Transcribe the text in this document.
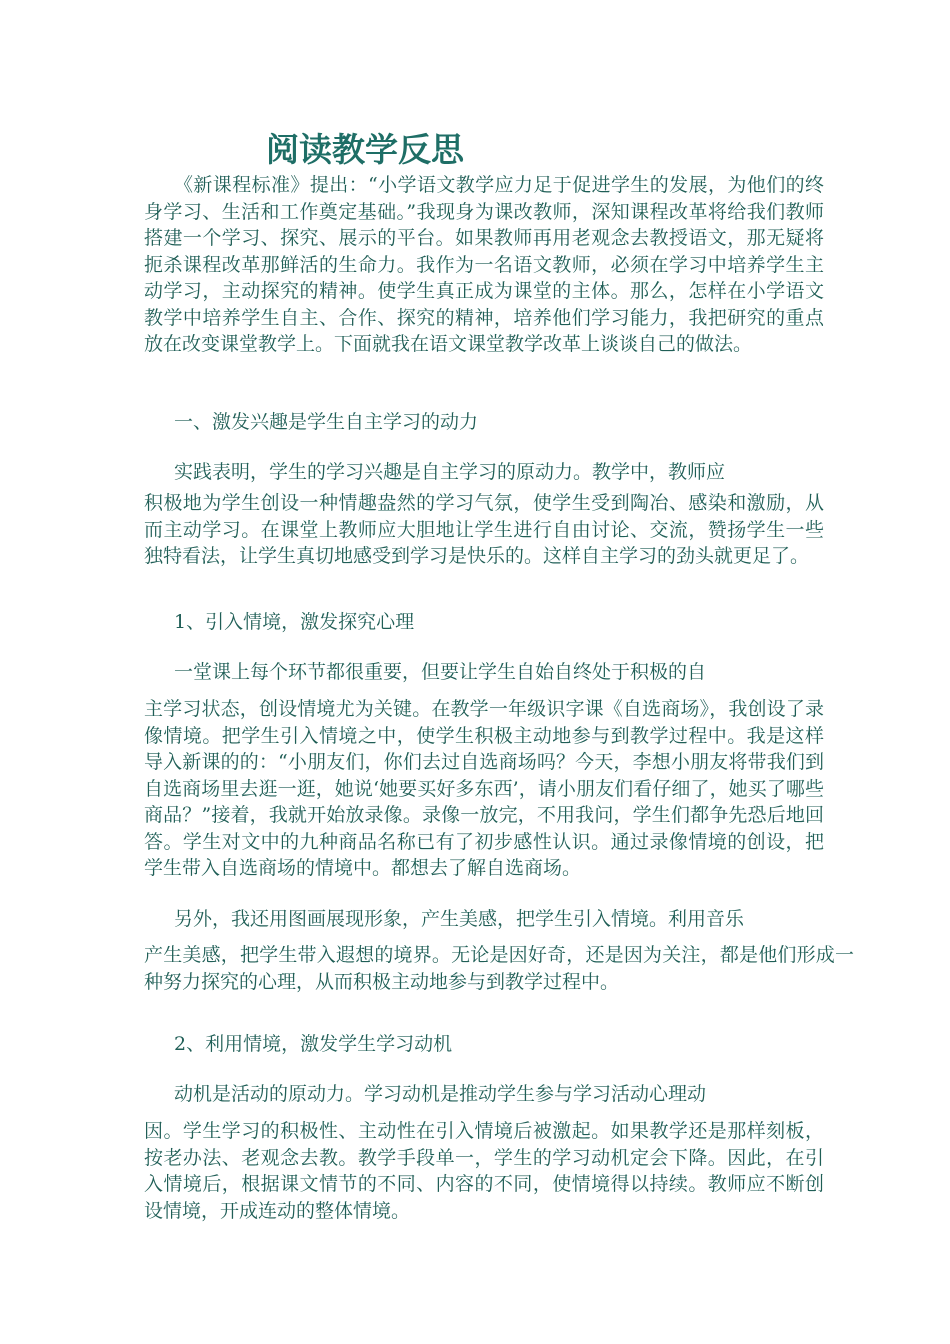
阅读教学反思

《新课程标准》提出：“小学语文教学应力足于促进学生的发展，为他们的终身学习、生活和工作奠定基础。”我现身为课改教师，深知课程改革将给我们教师搭建一个学习、探究、展示的平台。如果教师再用老观念去教授语文，那无疑将扼杀课程改革那鲜活的生命力。我作为一名语文教师，必须在学习中培养学生主动学习，主动探究的精神。使学生真正成为课堂的主体。那么，怎样在小学语文教学中培养学生自主、合作、探究的精神，培养他们学习能力，我把研究的重点放在改变课堂教学上。下面就我在语文课堂教学改革上谈谈自己的做法。

一、激发兴趣是学生自主学习的动力

实践表明，学生的学习兴趣是自主学习的原动力。教学中，教师应

积极地为学生创设一种情趣盎然的学习气氛，使学生受到陶冶、感染和激励，从而主动学习。在课堂上教师应大胆地让学生进行自由讨论、交流，赞扬学生一些独特看法，让学生真切地感受到学习是快乐的。这样自主学习的劲头就更足了。

1、引入情境，激发探究心理

一堂课上每个环节都很重要，但要让学生自始自终处于积极的自

主学习状态，创设情境尤为关键。在教学一年级识字课《自选商场》，我创设了录像情境。把学生引入情境之中，使学生积极主动地参与到教学过程中。我是这样导入新课的的：“小朋友们，你们去过自选商场吗？今天，李想小朋友将带我们到自选商场里去逛一逛，她说‘她要买好多东西’，请小朋友们看仔细了，她买了哪些商品？”接着，我就开始放录像。录像一放完，不用我问，学生们都争先恐后地回答。学生对文中的九种商品名称已有了初步感性认识。通过录像情境的创设，把学生带入自选商场的情境中。都想去了解自选商场。

另外，我还用图画展现形象，产生美感，把学生引入情境。利用音乐

产生美感，把学生带入遐想的境界。无论是因好奇，还是因为关注，都是他们形成一种努力探究的心理，从而积极主动地参与到教学过程中。

2、利用情境，激发学生学习动机

动机是活动的原动力。学习动机是推动学生参与学习活动心理动

因。学生学习的积极性、主动性在引入情境后被激起。如果教学还是那样刻板，按老办法、老观念去教。教学手段单一，学生的学习动机定会下降。因此，在引入情境后，根据课文情节的不同、内容的不同，使情境得以持续。教师应不断创设情境，开成连动的整体情境。
